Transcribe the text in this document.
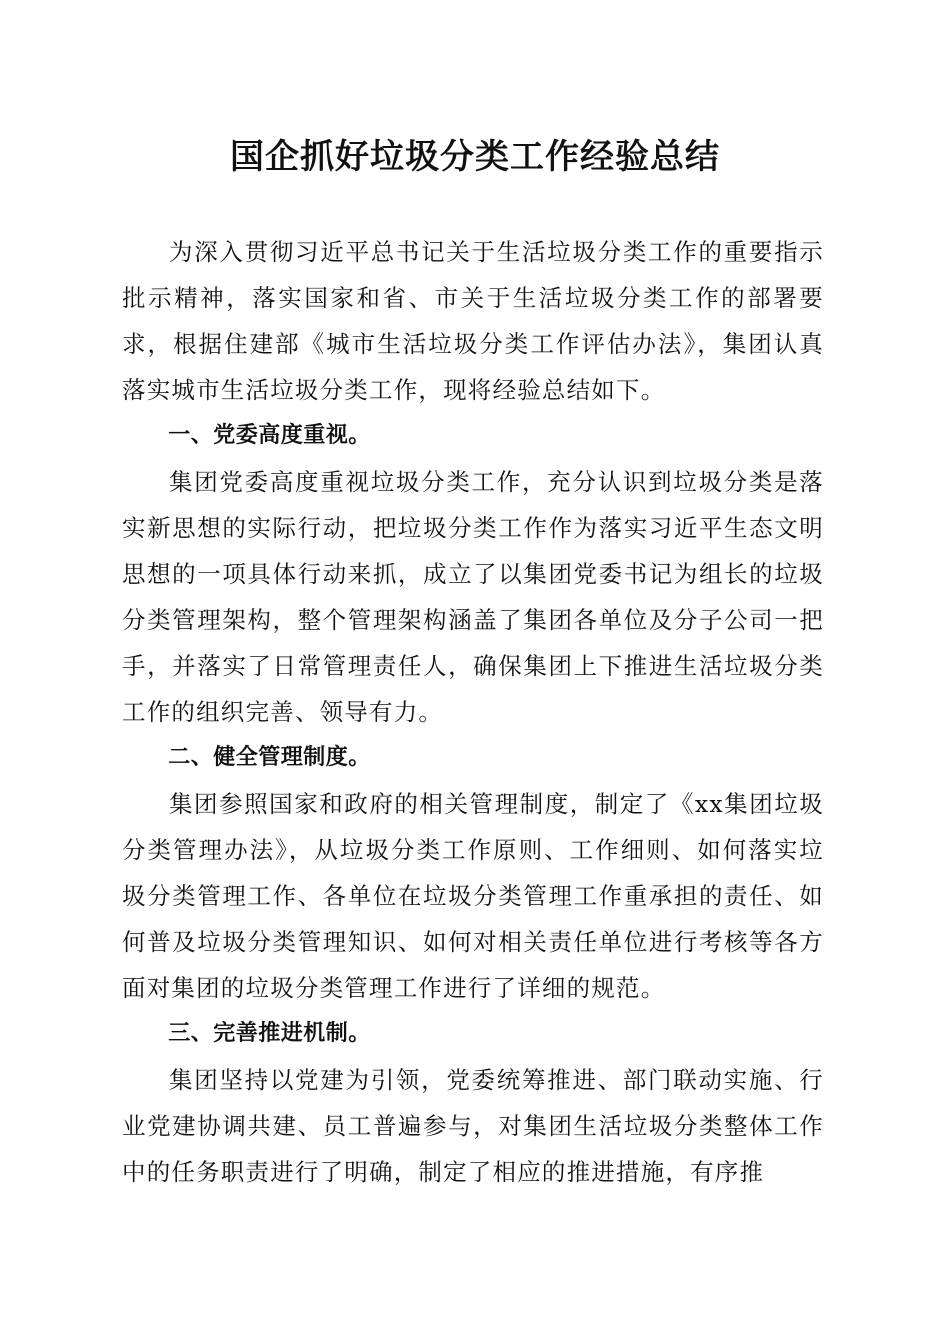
国企抓好垃圾分类工作经验总结

为深入贯彻习近平总书记关于生活垃圾分类工作的重要指示批示精神，落实国家和省、市关于生活垃圾分类工作的部署要求，根据住建部《城市生活垃圾分类工作评估办法》，集团认真落实城市生活垃圾分类工作，现将经验总结如下。

一、党委高度重视。

集团党委高度重视垃圾分类工作，充分认识到垃圾分类是落实新思想的实际行动，把垃圾分类工作作为落实习近平生态文明思想的一项具体行动来抓，成立了以集团党委书记为组长的垃圾分类管理架构，整个管理架构涵盖了集团各单位及分子公司一把手，并落实了日常管理责任人，确保集团上下推进生活垃圾分类工作的组织完善、领导有力。

二、健全管理制度。

集团参照国家和政府的相关管理制度，制定了《xx集团垃圾分类管理办法》，从垃圾分类工作原则、工作细则、如何落实垃圾分类管理工作、各单位在垃圾分类管理工作重承担的责任、如何普及垃圾分类管理知识、如何对相关责任单位进行考核等各方面对集团的垃圾分类管理工作进行了详细的规范。

三、完善推进机制。

集团坚持以党建为引领，党委统筹推进、部门联动实施、行业党建协调共建、员工普遍参与，对集团生活垃圾分类整体工作中的任务职责进行了明确，制定了相应的推进措施，有序推
